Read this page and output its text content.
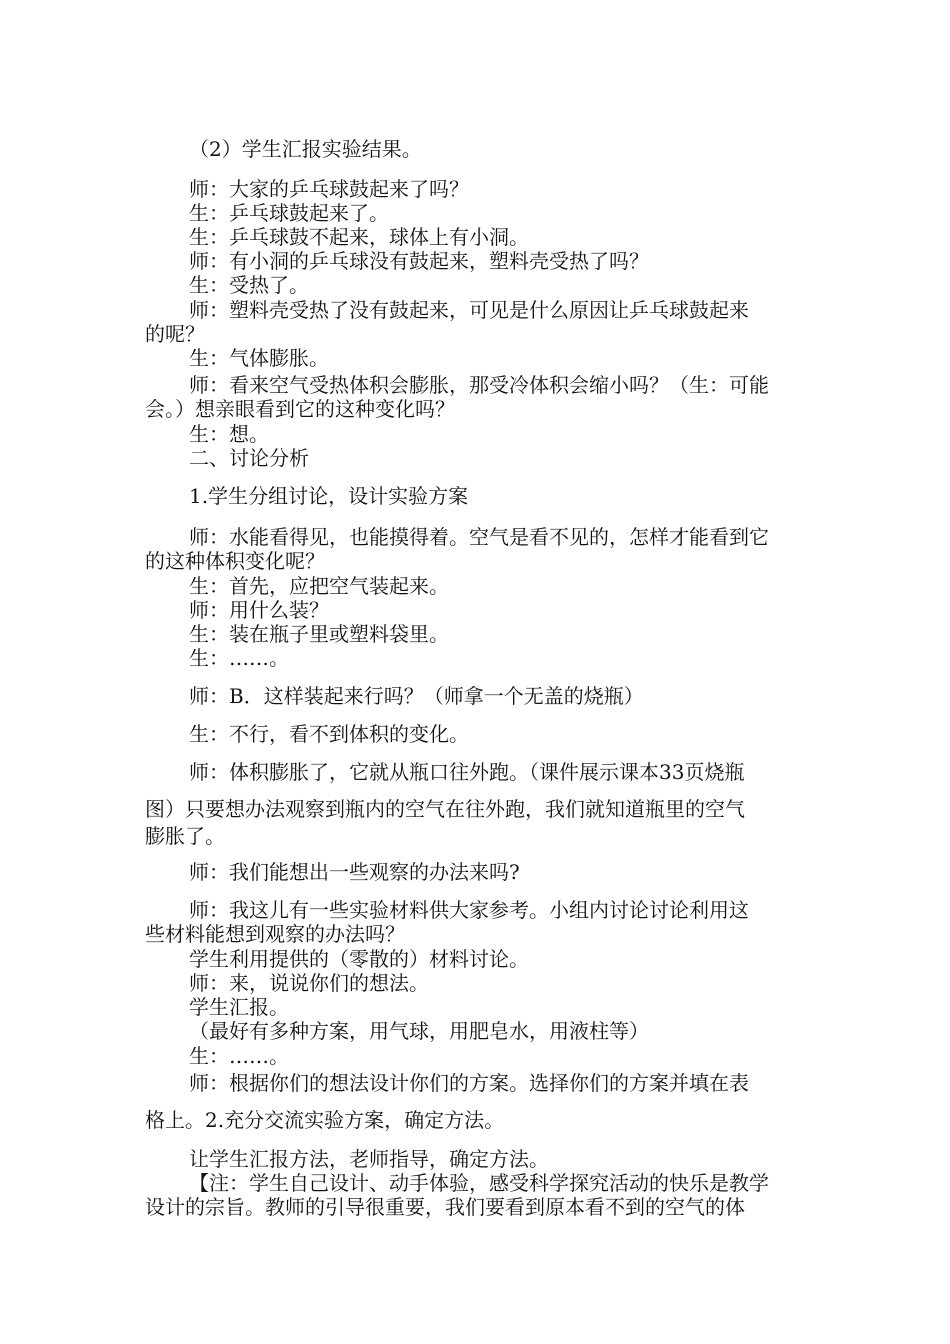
（2）学生汇报实验结果。
师：大家的乒乓球鼓起来了吗？
生：乒乓球鼓起来了。
生：乒乓球鼓不起来，球体上有小洞。
师：有小洞的乒乓球没有鼓起来，塑料壳受热了吗？
生：受热了。
师：塑料壳受热了没有鼓起来，可见是什么原因让乒乓球鼓起来
的呢？
生：气体膨胀。
师：看来空气受热体积会膨胀，那受冷体积会缩小吗？（生：可能
会。）想亲眼看到它的这种变化吗？
生：想。
二、讨论分析
1.学生分组讨论，设计实验方案
师：水能看得见，也能摸得着。空气是看不见的，怎样才能看到它
的这种体积变化呢？
生：首先，应把空气装起来。
师：用什么装？
生：装在瓶子里或塑料袋里。
生：……。
师：B．这样装起来行吗？（师拿一个无盖的烧瓶）
生：不行，看不到体积的变化。
师：体积膨胀了，它就从瓶口往外跑。（课件展示课本33页烧瓶
图）只要想办法观察到瓶内的空气在往外跑，我们就知道瓶里的空气
膨胀了。
师：我们能想出一些观察的办法来吗?
师：我这儿有一些实验材料供大家参考。小组内讨论讨论利用这
些材料能想到观察的办法吗？
学生利用提供的（零散的）材料讨论。
师：来，说说你们的想法。
学生汇报。
（最好有多种方案，用气球，用肥皂水，用液柱等）
生：……。
师：根据你们的想法设计你们的方案。选择你们的方案并填在表
格上。2.充分交流实验方案，确定方法。
让学生汇报方法，老师指导，确定方法。
【注：学生自己设计、动手体验，感受科学探究活动的快乐是教学
设计的宗旨。教师的引导很重要，我们要看到原本看不到的空气的体
